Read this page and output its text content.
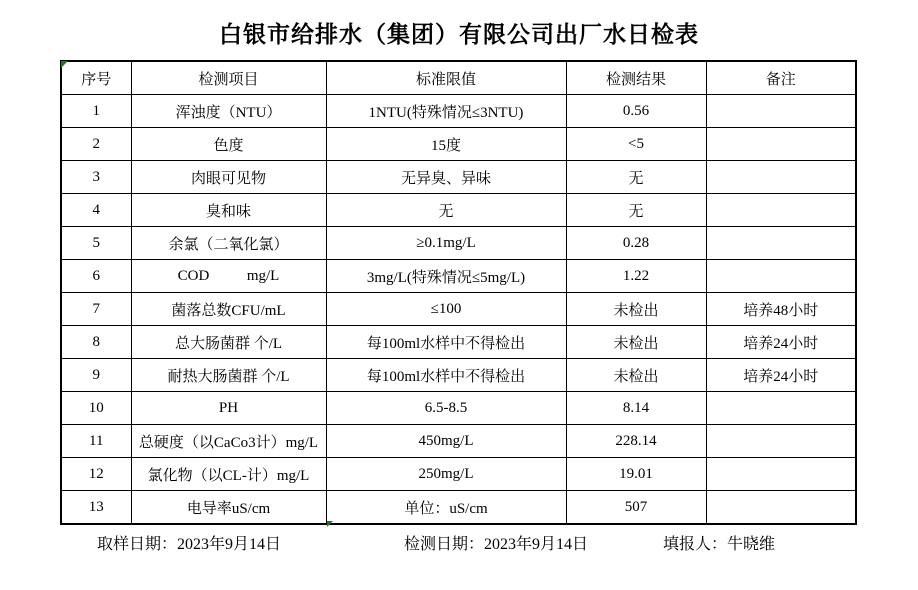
白银市给排水（集团）有限公司出厂水日检表
序号	检测项目	标准限值	检测结果	备注
1	浑浊度（NTU）	1NTU(特殊情况≤3NTU)	0.56	
2	色度	15度	<5	
3	肉眼可见物	无异臭、异味	无	
4	臭和味	无	无	
5	余氯（二氧化氯）	≥0.1mg/L	0.28	
6	COD          mg/L	3mg/L(特殊情况≤5mg/L)	1.22	
7	菌落总数CFU/mL	≤100	未检出	培养48小时
8	总大肠菌群 个/L	每100ml水样中不得检出	未检出	培养24小时
9	耐热大肠菌群 个/L	每100ml水样中不得检出	未检出	培养24小时
10	PH	6.5-8.5	8.14	
11	总硬度（以CaCo3计）mg/L	450mg/L	228.14	
12	氯化物（以CL-计）mg/L	250mg/L	19.01	
13	电导率uS/cm	单位：uS/cm	507	
取样日期：2023年9月14日	检测日期：2023年9月14日	填报人：牛晓维
